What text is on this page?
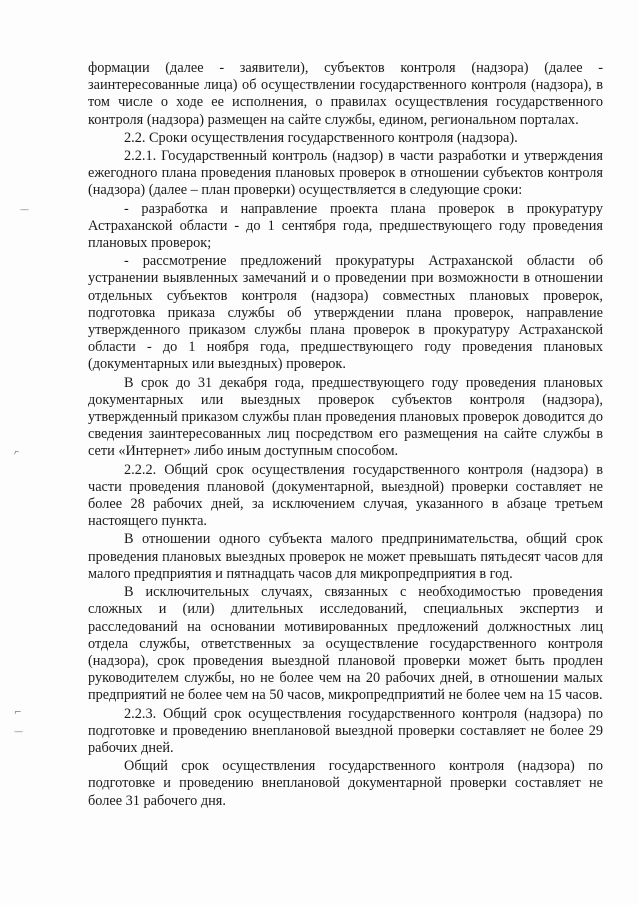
формации (далее - заявители), субъектов контроля (надзора) (далее - заинтересованные лица) об осуществлении государственного контроля (надзора), в том числе о ходе ее исполнения, о правилах осуществления государственного контроля (надзора) размещен на сайте службы, едином, региональном порталах.

2.2. Сроки осуществления государственного контроля (надзора).

2.2.1. Государственный контроль (надзор) в части разработки и утверждения ежегодного плана проведения плановых проверок в отношении субъектов контроля (надзора) (далее – план проверки) осуществляется в следующие сроки:

- разработка и направление проекта плана проверок в прокуратуру Астраханской области - до 1 сентября года, предшествующего году проведения плановых проверок;

- рассмотрение предложений прокуратуры Астраханской области об устранении выявленных замечаний и о проведении при возможности в отношении отдельных субъектов контроля (надзора) совместных плановых проверок, подготовка приказа службы об утверждении плана проверок, направление утвержденного приказом службы плана проверок в прокуратуру Астраханской области - до 1 ноября года, предшествующего году проведения плановых (документарных или выездных) проверок.

В срок до 31 декабря года, предшествующего году проведения плановых документарных или выездных проверок субъектов контроля (надзора), утвержденный приказом службы план проведения плановых проверок доводится до сведения заинтересованных лиц посредством его размещения на сайте службы в сети «Интернет» либо иным доступным способом.

2.2.2. Общий срок осуществления государственного контроля (надзора) в части проведения плановой (документарной, выездной) проверки составляет не более 28 рабочих дней, за исключением случая, указанного в абзаце третьем настоящего пункта.

В отношении одного субъекта малого предпринимательства, общий срок проведения плановых выездных проверок не может превышать пятьдесят часов для малого предприятия и пятнадцать часов для микропредприятия в год.

В исключительных случаях, связанных с необходимостью проведения сложных и (или) длительных исследований, специальных экспертиз и расследований на основании мотивированных предложений должностных лиц отдела службы, ответственных за осуществление государственного контроля (надзора), срок проведения выездной плановой проверки может быть продлен руководителем службы, но не более чем на 20 рабочих дней, в отношении малых предприятий не более чем на 50 часов, микропредприятий не более чем на 15 часов.

2.2.3. Общий срок осуществления государственного контроля (надзора) по подготовке и проведению внеплановой выездной проверки составляет не более 29 рабочих дней.

Общий срок осуществления государственного контроля (надзора) по подготовке и проведению внеплановой документарной проверки составляет не более 31 рабочего дня.

—
^
⌐
—
